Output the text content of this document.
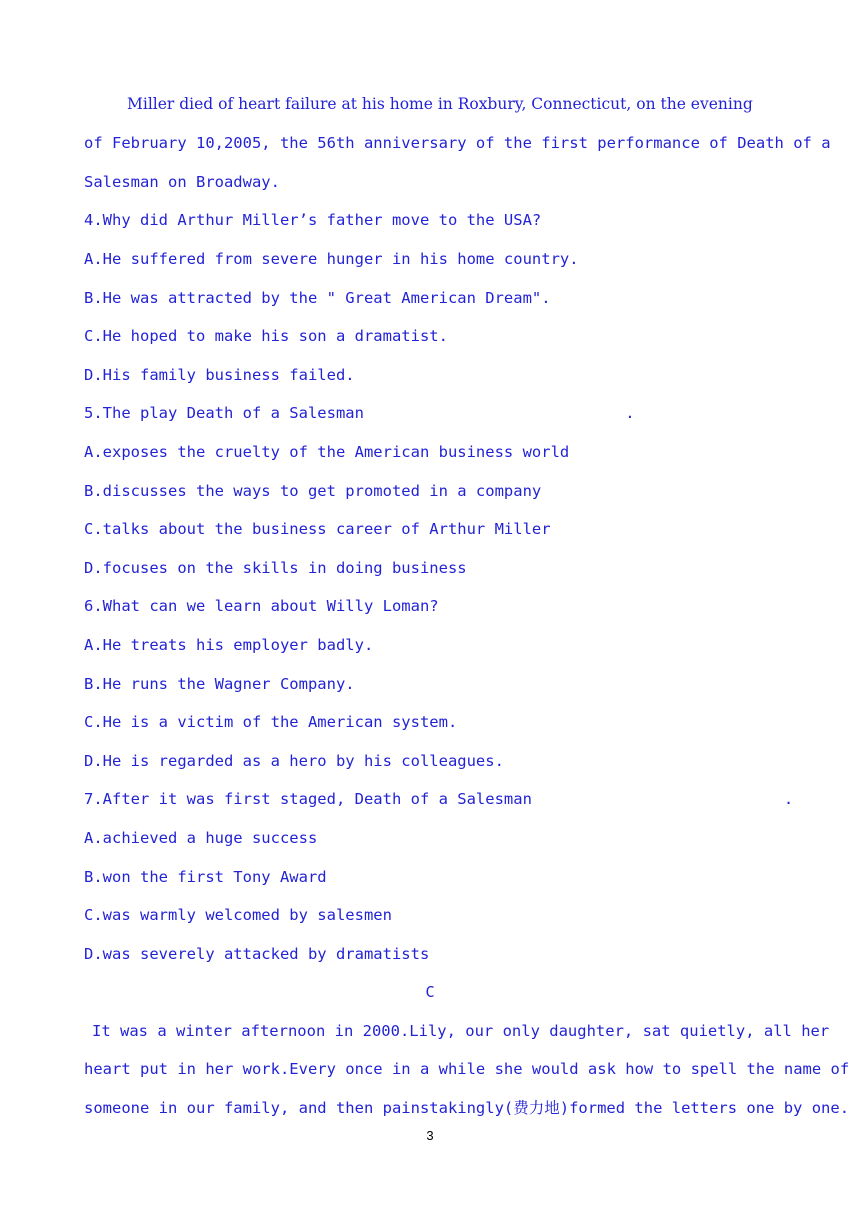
Miller died of heart failure at his home in Roxbury, Connecticut, on the evening
of February 10,2005, the 56th anniversary of the first performance of Death of a
Salesman on Broadway.
4.Why did Arthur Miller’s father move to the USA?
A.He suffered from severe hunger in his home country.
B.He was attracted by the " Great American Dream".
C.He hoped to make his son a dramatist.
D.His family business failed.
5.The play Death of a Salesman                            .
A.exposes the cruelty of the American business world
B.discusses the ways to get promoted in a company
C.talks about the business career of Arthur Miller
D.focuses on the skills in doing business
6.What can we learn about Willy Loman?
A.He treats his employer badly.
B.He runs the Wagner Company.
C.He is a victim of the American system.
D.He is regarded as a hero by his colleagues.
7.After it was first staged, Death of a Salesman                           .
A.achieved a huge success
B.won the first Tony Award
C.was warmly welcomed by salesmen
D.was severely attacked by dramatists
C
It was a winter afternoon in 2000.Lily, our only daughter, sat quietly, all her
heart put in her work.Every once in a while she would ask how to spell the name of
someone in our family, and then painstakingly(费力地)formed the letters one by one.
3
